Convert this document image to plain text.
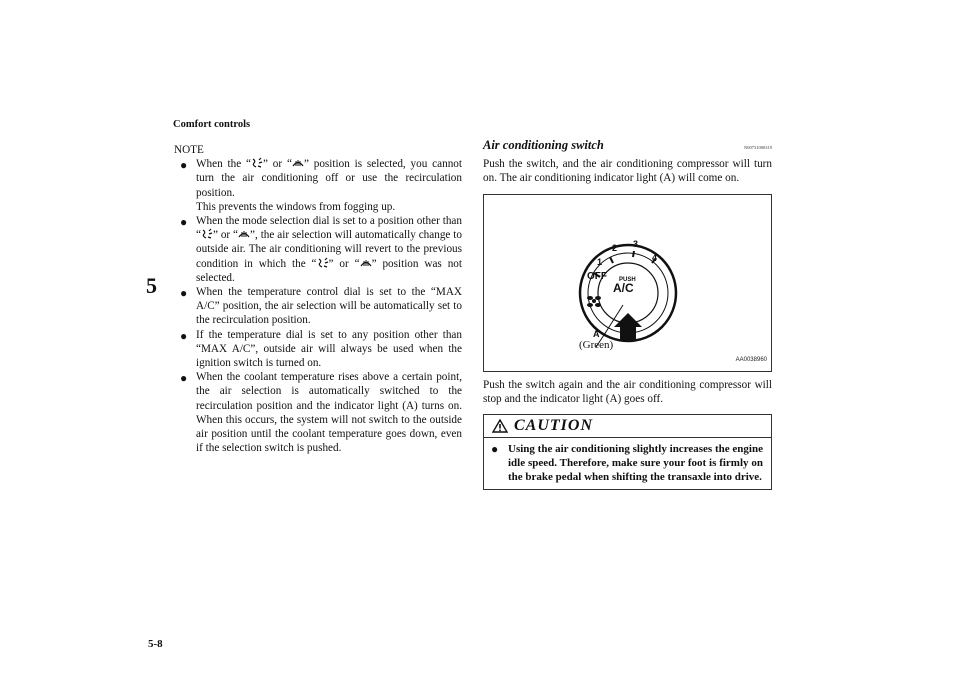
Comfort controls
5
5-8
NOTE
● When the “ ” or “ ” position is selected, you cannot turn the air conditioning off or use the recirculation position.
This prevents the windows from fogging up.
● When the mode selection dial is set to a position other than “ ” or “ ”, the air selection will automatically change to outside air. The air conditioning will revert to the previous condition in which the “ ” or “ ” position was not selected.
● When the temperature control dial is set to the “MAX A/C” position, the air selection will be automatically set to the recirculation position.
● If the temperature dial is set to any position other than “MAX A/C”, outside air will always be used when the ignition switch is turned on.
● When the coolant temperature rises above a certain point, the air selection is automatically switched to the recirculation position and the indicator light (A) turns on. When this occurs, the system will not switch to the outside air position until the coolant temperature goes down, even if the selection switch is pushed.
Air conditioning switch	N00731000319

Push the switch, and the air conditioning compressor will turn on. The air conditioning indicator light (A) will come on.

OFF
1
2 3
4
PUSH
A/C
A
(Green)
AA0038960

Push the switch again and the air conditioning compressor will stop and the indicator light (A) goes off.

CAUTION
● Using the air conditioning slightly increases the engine idle speed. Therefore, make sure your foot is firmly on the brake pedal when shifting the transaxle into drive.
